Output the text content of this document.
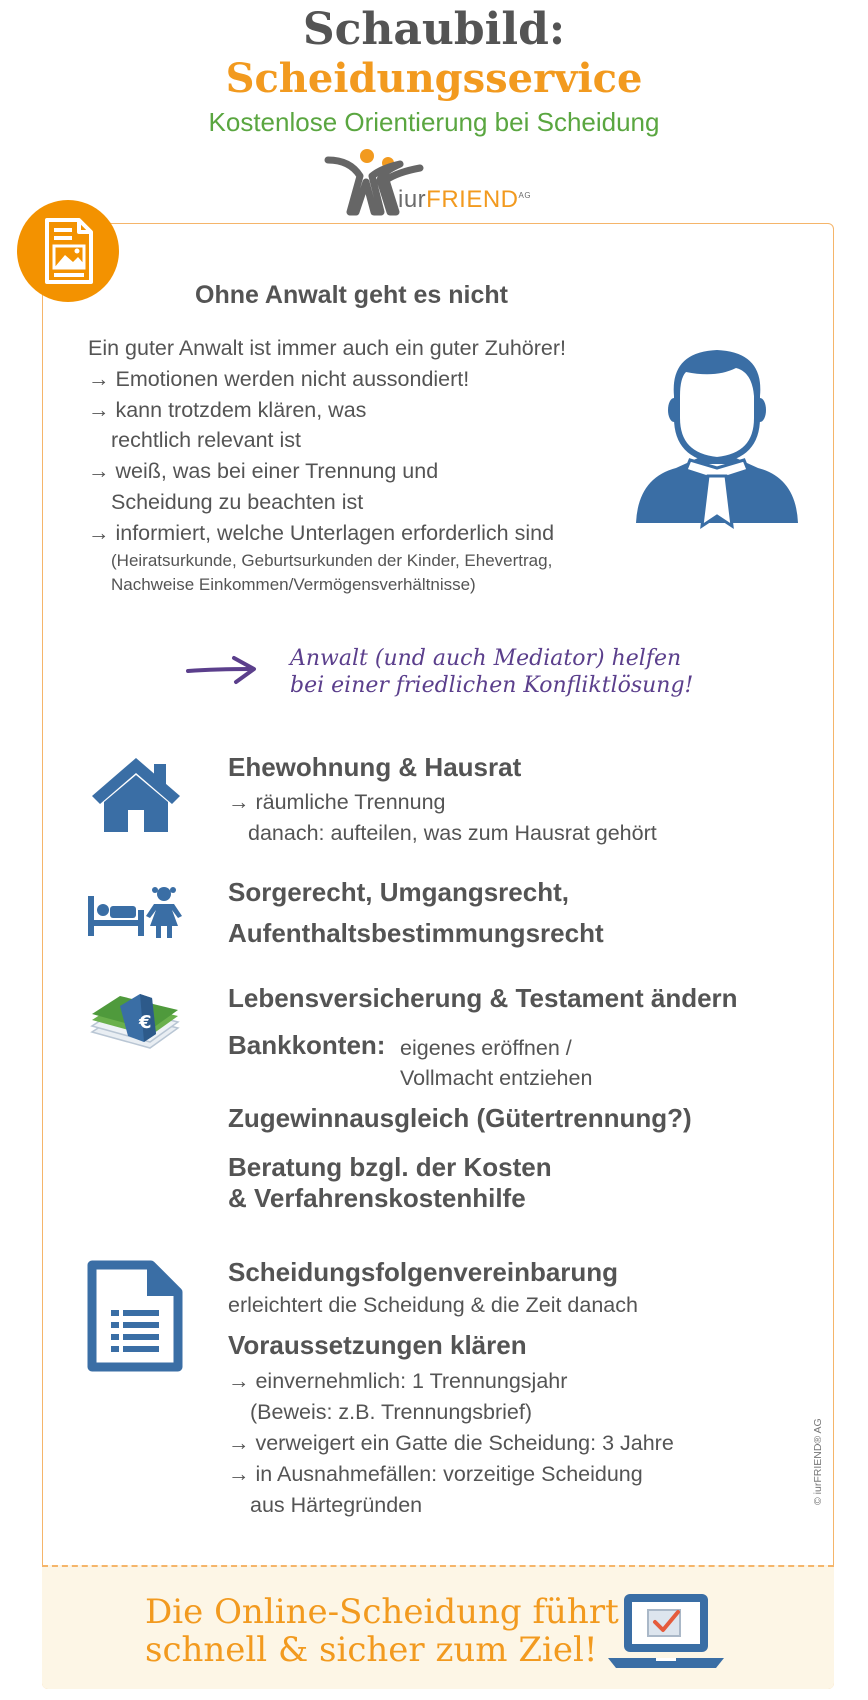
Schaubild:
Scheidungsservice
Kostenlose Orientierung bei Scheidung
iurFRIEND$^{AG}$
Ohne Anwalt geht es nicht
Ein guter Anwalt ist immer auch ein guter Zuhörer!
→ Emotionen werden nicht aussondiert!
→ kann trotzdem klären, was
rechtlich relevant ist
→ weiß, was bei einer Trennung und
Scheidung zu beachten ist
→ informiert, welche Unterlagen erforderlich sind
(Heiratsurkunde, Geburtsurkunden der Kinder, Ehevertrag,
Nachweise Einkommen/Vermögensverhältnisse)
Anwalt (und auch Mediator) helfen
bei einer friedlichen Konfliktlösung!
Ehewohnung & Hausrat
→ räumliche Trennung
danach: aufteilen, was zum Hausrat gehört
Sorgerecht, Umgangsrecht,
Aufenthaltsbestimmungsrecht
€
Lebensversicherung & Testament ändern
Bankkonten: eigenes eröffnen /
Vollmacht entziehen
Zugewinnausgleich (Gütertrennung?)
Beratung bzgl. der Kosten
& Verfahrenskostenhilfe
Scheidungsfolgenvereinbarung
erleichtert die Scheidung & die Zeit danach
Voraussetzungen klären
→ einvernehmlich: 1 Trennungsjahr
(Beweis: z.B. Trennungsbrief)
→ verweigert ein Gatte die Scheidung: 3 Jahre
→ in Ausnahmefällen: vorzeitige Scheidung
aus Härtegründen	© iurFRIEND® AG
Die Online-Scheidung führt
schnell & sicher zum Ziel!
